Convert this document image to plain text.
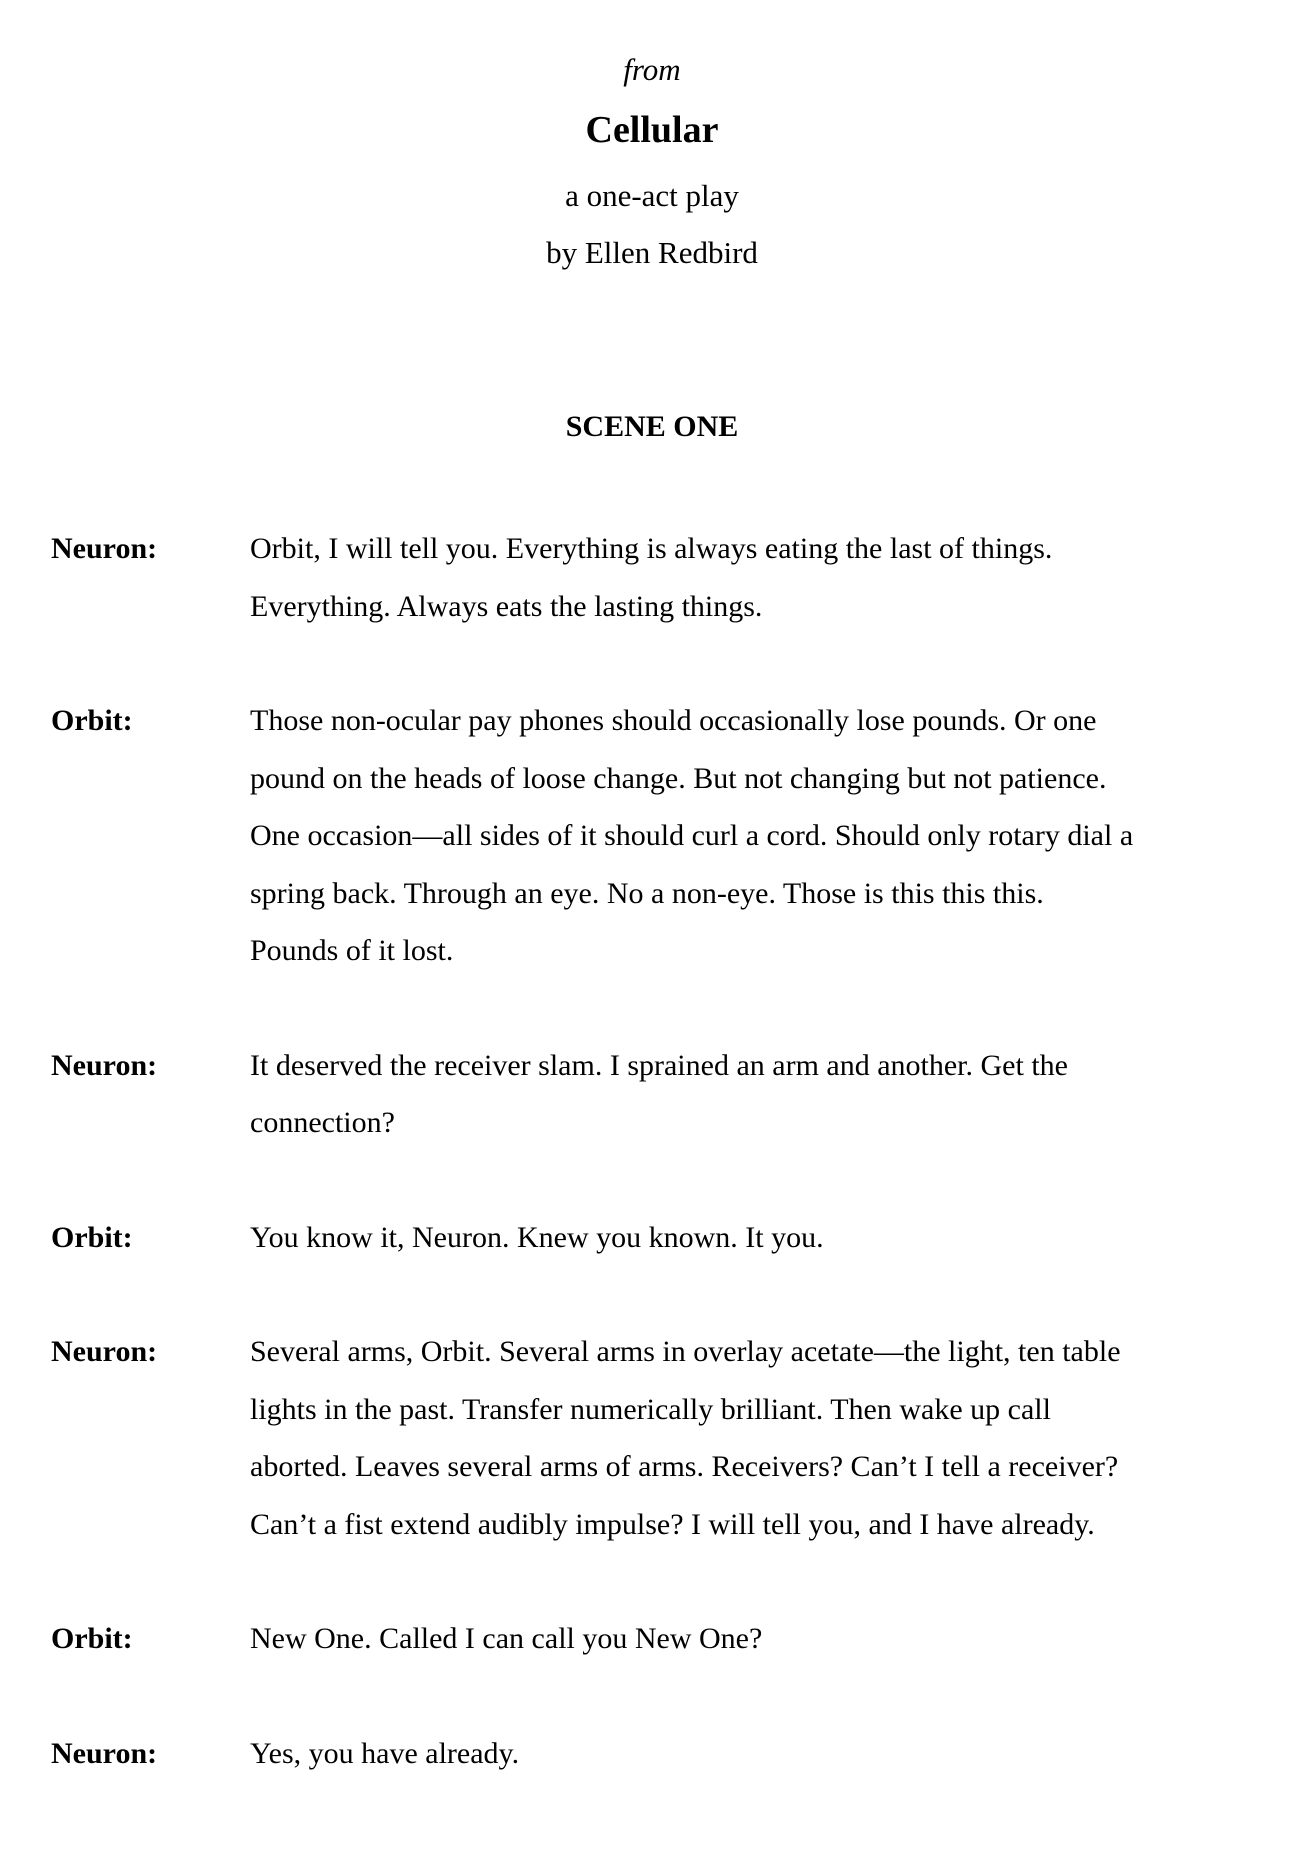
from
Cellular
a one-act play
by Ellen Redbird
SCENE ONE
Neuron:	Orbit, I will tell you. Everything is always eating the last of things.
Everything. Always eats the lasting things.
Orbit:	Those non-ocular pay phones should occasionally lose pounds. Or one
pound on the heads of loose change. But not changing but not patience.
One occasion—all sides of it should curl a cord. Should only rotary dial a
spring back. Through an eye. No a non-eye. Those is this this this.
Pounds of it lost.
Neuron:	It deserved the receiver slam. I sprained an arm and another. Get the
connection?
Orbit:	You know it, Neuron. Knew you known. It you.
Neuron:	Several arms, Orbit. Several arms in overlay acetate—the light, ten table
lights in the past. Transfer numerically brilliant. Then wake up call
aborted. Leaves several arms of arms. Receivers? Can’t I tell a receiver?
Can’t a fist extend audibly impulse? I will tell you, and I have already.
Orbit:	New One. Called I can call you New One?
Neuron:	Yes, you have already.
